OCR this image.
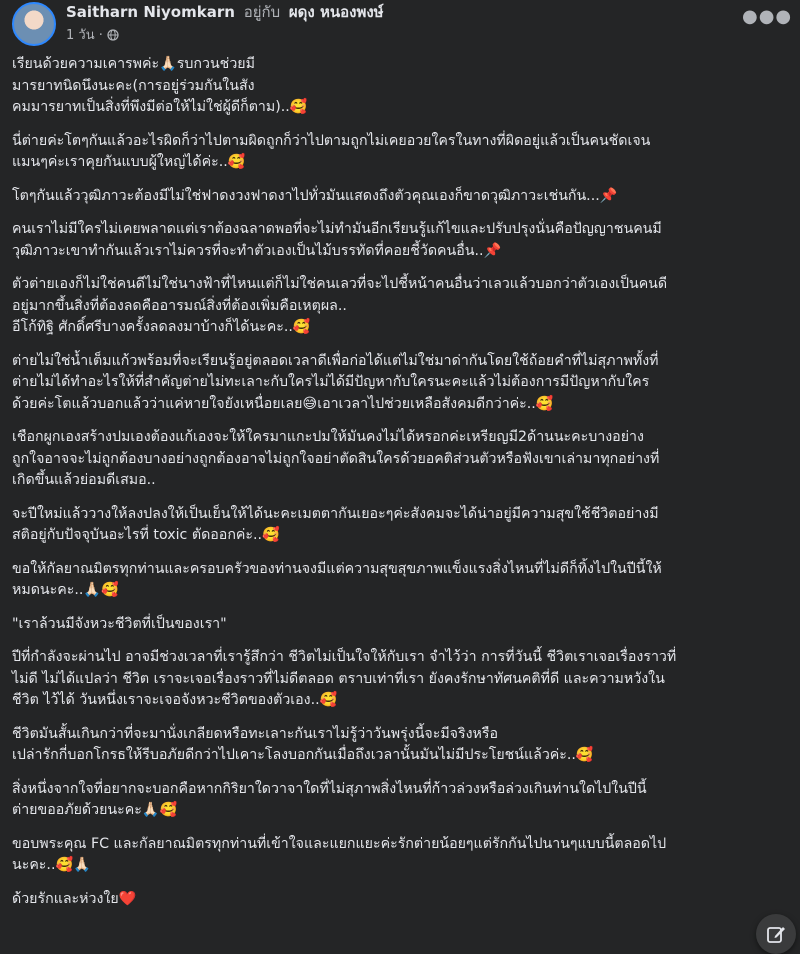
Saitharn Niyomkarn อยู่กับ ผดุง หนองพงษ์
1 วัน ·
●●●

เรียนด้วยความเคารพค่ะ🙏🏻รบกวนช่วยมี
มารยาทนิดนึงนะคะ(การอยู่ร่วมกันในสัง
คมมารยาทเป็นสิ่งที่พึงมีต่อให้ไม่ใช่ผู้ดีก็ตาม)..🥰

นี่ต่ายค่ะโตๆกันแล้วอะไรผิดก็ว่าไปตามผิดถูกก็ว่าไปตามถูกไม่เคยอวยใครในทางที่ผิดอยู่แล้วเป็นคนชัดเจน
แมนๆค่ะเราคุยกันแบบผู้ใหญ่ได้ค่ะ..🥰

โตๆกันแล้ววุฒิภาวะต้องมีไม่ใช่ฟาดงวงฟาดงาไปทั่วมันแสดงถึงตัวคุณเองก็ขาดวุฒิภาวะเช่นกัน...📌

คนเราไม่มีใครไม่เคยพลาดแต่เราต้องฉลาดพอที่จะไม่ทำมันอีกเรียนรู้แก้ไขและปรับปรุงนั่นคือปัญญาชนคนมี
วุฒิภาวะเขาทำกันแล้วเราไม่ควรที่จะทำตัวเองเป็นไม้บรรทัดที่คอยชี้วัดคนอื่น..📌

ตัวต่ายเองก็ไม่ใช่คนดีไม่ใช่นางฟ้าที่ไหนแต่ก็ไม่ใช่คนเลวที่จะไปชี้หน้าคนอื่นว่าเลวแล้วบอกว่าตัวเองเป็นคนดี
อยู่มากขึ้นสิ่งที่ต้องลดคืออารมณ์สิ่งที่ต้องเพิ่มคือเหตุผล..
อีโก้ทิฐิ ศักดิ์ศรีบางครั้งลดลงมาบ้างก็ได้นะคะ..🥰

ต่ายไม่ใช่น้ำเต็มแก้วพร้อมที่จะเรียนรู้อยู่ตลอดเวลาดีเพื่อก่อได้แต่ไม่ใช่มาด่ากันโดยใช้ถ้อยคำที่ไม่สุภาพทั้งที่
ต่ายไม่ได้ทำอะไรให้ที่สำคัญต่ายไม่ทะเลาะกับใครไม่ได้มีปัญหากับใครนะคะแล้วไม่ต้องการมีปัญหากับใคร
ด้วยค่ะโตแล้วบอกแล้วว่าแค่หายใจยังเหนื่อยเลย😅เอาเวลาไปช่วยเหลือสังคมดีกว่าค่ะ..🥰

เชือกผูกเองสร้างปมเองต้องแก้เองจะให้ใครมาแกะปมให้มันคงไม่ได้หรอกค่ะเหรียญมี2ด้านนะคะบางอย่าง
ถูกใจอาจจะไม่ถูกต้องบางอย่างถูกต้องอาจไม่ถูกใจอย่าตัดสินใครด้วยอคติส่วนตัวหรือฟังเขาเล่ามาทุกอย่างที่
เกิดขึ้นแล้วย่อมดีเสมอ..

จะปีใหม่แล้ววางให้ลงปลงให้เป็นเย็นให้ได้นะคะเมตตากันเยอะๆค่ะสังคมจะได้น่าอยู่มีความสุขใช้ชีวิตอย่างมี
สติอยู่กับปัจจุบันอะไรที่ toxic ตัดออกค่ะ..🥰

ขอให้กัลยาณมิตรทุกท่านและครอบครัวของท่านจงมีแต่ความสุขสุขภาพแข็งแรงสิ่งไหนที่ไม่ดีก็ทิ้งไปในปีนี้ให้
หมดนะคะ..🙏🏻🥰

"เราล้วนมีจังหวะชีวิตที่เป็นของเรา"

ปีที่กำลังจะผ่านไป อาจมีช่วงเวลาที่เรารู้สึกว่า ชีวิตไม่เป็นใจให้กับเรา จำไว้ว่า การที่วันนี้ ชีวิตเราเจอเรื่องราวที่
ไม่ดี ไม่ได้แปลว่า ชีวิต เราจะเจอเรื่องราวที่ไม่ดีตลอด ตราบเท่าที่เรา ยังคงรักษาทัศนคติที่ดี และความหวังใน
ชีวิต ไว้ได้ วันหนึ่งเราจะเจอจังหวะชีวิตของตัวเอง..🥰

ชีวิตมันสั้นเกินกว่าที่จะมานั่งเกลียดหรือทะเลาะกันเราไม่รู้ว่าวันพรุ่งนี้จะมีจริงหรือ
เปล่ารักกี่บอกโกรธให้รีบอภัยดีกว่าไปเคาะโลงบอกกันเมื่อถึงเวลานั้นมันไม่มีประโยชน์แล้วค่ะ..🥰

สิ่งหนึ่งจากใจที่อยากจะบอกคือหากกิริยาใดวาจาใดที่ไม่สุภาพสิ่งไหนที่ก้าวล่วงหรือล่วงเกินท่านใดไปในปีนี้
ต่ายขออภัยด้วยนะคะ🙏🏻🥰

ขอบพระคุณ FC และกัลยาณมิตรทุกท่านที่เข้าใจและแยกแยะค่ะรักต่ายน้อยๆแต่รักกันไปนานๆแบบนี้ตลอดไป
นะคะ..🥰🙏🏻

ด้วยรักและห่วงใย❤️
